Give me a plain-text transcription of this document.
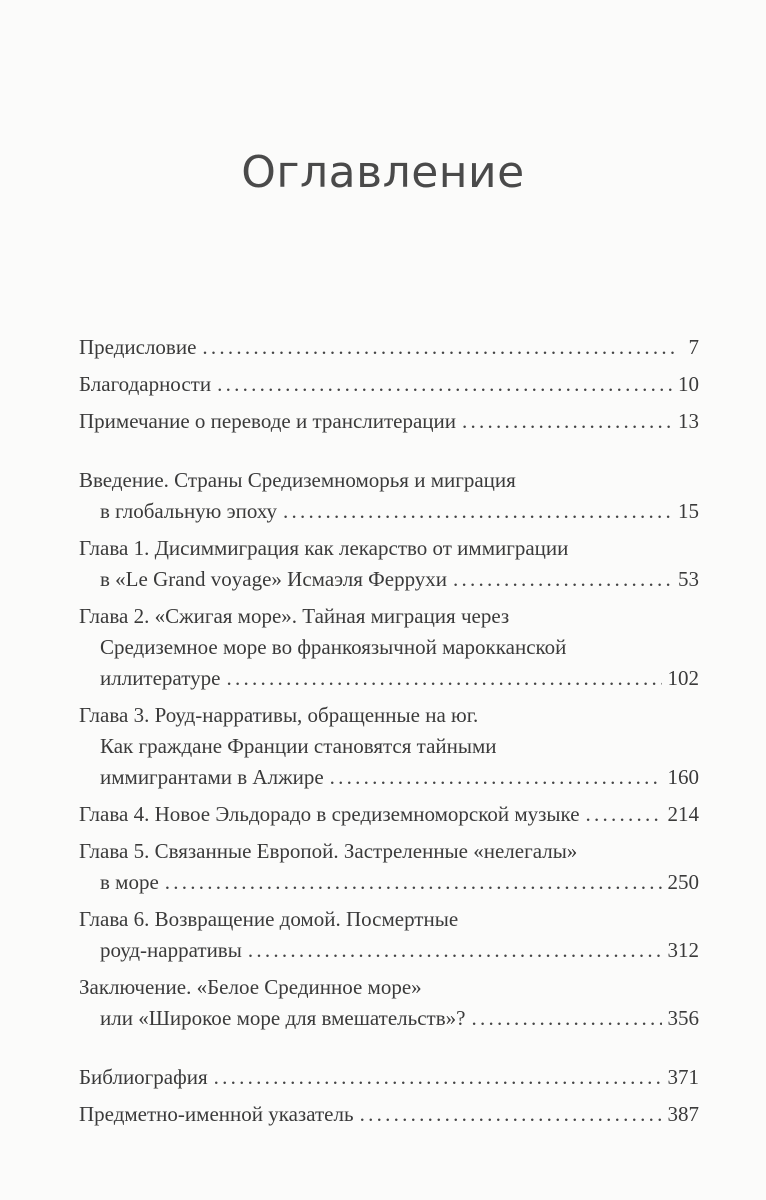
Оглавление
Предисловие . . .	7
Благодарности . . .	10
Примечание о переводе и транслитерации . . .	13
Введение. Страны Средиземноморья и миграция
в глобальную эпоху . . .	15
Глава 1. Дисиммиграция как лекарство от иммиграции
в «Le Grand voyage» Исмаэля Феррухи . . .	53
Глава 2. «Сжигая море». Тайная миграция через
Средиземное море во франкоязычной марокканской
иллитературе . . .	102
Глава 3. Роуд-нарративы, обращенные на юг.
Как граждане Франции становятся тайными
иммигрантами в Алжире . . .	160
Глава 4. Новое Эльдорадо в средиземноморской музыке . . .	214
Глава 5. Связанные Европой. Застреленные «нелегалы»
в море . . .	250
Глава 6. Возвращение домой. Посмертные
роуд-нарративы . . .	312
Заключение. «Белое Срединное море»
или «Широкое море для вмешательств»? . . .	356
Библиография . . .	371
Предметно-именной указатель . . .	387
